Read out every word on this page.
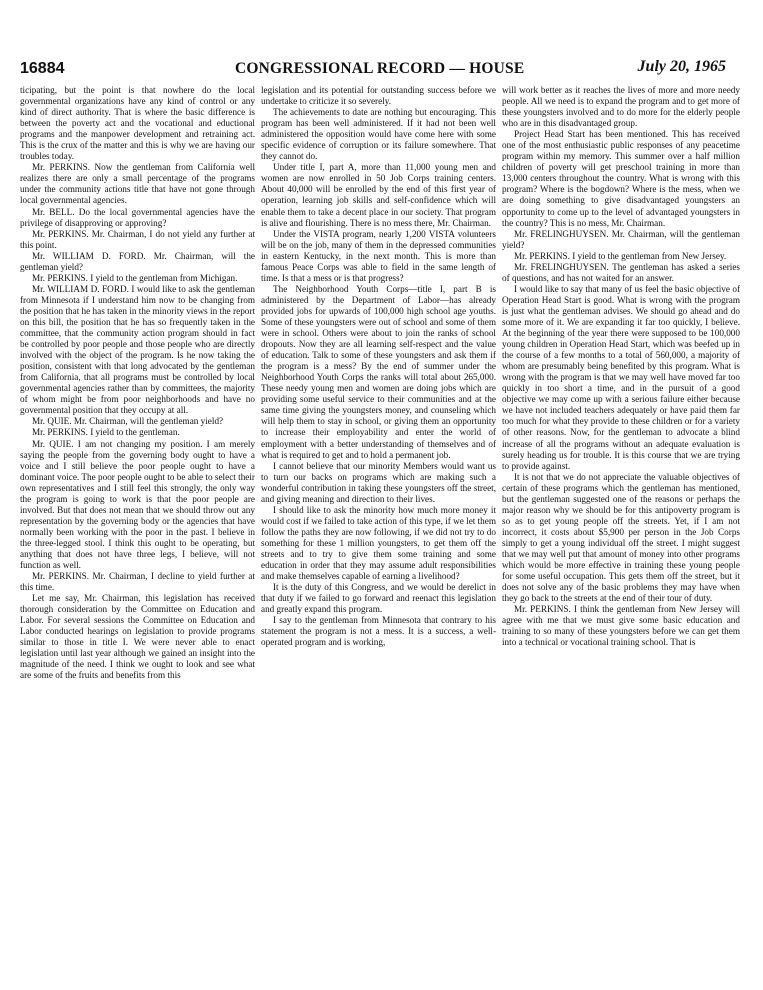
16884	CONGRESSIONAL RECORD — HOUSE	July 20, 1965

ticipating, but the point is that nowhere do the local governmental organizations have any kind of control or any kind of direct authority. That is where the basic difference is between the poverty act and the vocational and eductional programs and the manpower development and retraining act. This is the crux of the matter and this is why we are having our troubles today.

Mr. PERKINS. Now the gentleman from California well realizes there are only a small percentage of the programs under the community actions title that have not gone through local governmental agencies.

Mr. BELL. Do the local governmental agencies have the privilege of disapproving or approving?

Mr. PERKINS. Mr. Chairman, I do not yield any further at this point.

Mr. WILLIAM D. FORD. Mr. Chairman, will the gentleman yield?

Mr. PERKINS. I yield to the gentleman from Michigan.

Mr. WILLIAM D. FORD. I would like to ask the gentleman from Minnesota if I understand him now to be changing from the position that he has taken in the minority views in the report on this bill, the position that he has so frequently taken in the committee, that the community action program should in fact be controlled by poor people and those people who are directly involved with the object of the program. Is he now taking the position, consistent with that long advocated by the gentleman from California, that all programs must be controlled by local governmental agencies rather than by committees, the majority of whom might be from poor neighborhoods and have no governmental position that they occupy at all.

Mr. QUIE. Mr. Chairman, will the gentleman yield?

Mr. PERKINS. I yield to the gentleman.

Mr. QUIE. I am not changing my position. I am merely saying the people from the governing body ought to have a voice and I still believe the poor people ought to have a dominant voice. The poor people ought to be able to select their own representatives and I still feel this strongly, the only way the program is going to work is that the poor people are involved. But that does not mean that we should throw out any representation by the governing body or the agencies that have normally been working with the poor in the past. I believe in the three-legged stool. I think this ought to be operating, but anything that does not have three legs, I believe, will not function as well.

Mr. PERKINS. Mr. Chairman, I decline to yield further at this time.

Let me say, Mr. Chairman, this legislation has received thorough consideration by the Committee on Education and Labor. For several sessions the Committee on Education and Labor conducted hearings on legislation to provide programs similar to those in title I. We were never able to enact legislation until last year although we gained an insight into the magnitude of the need. I think we ought to look and see what are some of the fruits and benefits from this

legislation and its potential for outstanding success before we undertake to criticize it so severely.

The achievements to date are nothing but encouraging. This program has been well administered. If it had not been well administered the opposition would have come here with some specific evidence of corruption or its failure somewhere. That they cannot do.

Under title I, part A, more than 11,000 young men and women are now enrolled in 50 Job Corps training centers. About 40,000 will be enrolled by the end of this first year of operation, learning job skills and self-confidence which will enable them to take a decent place in our society. That program is alive and flourishing. There is no mess there, Mr. Chairman.

Under the VISTA program, nearly 1,200 VISTA volunteers will be on the job, many of them in the depressed communities in eastern Kentucky, in the next month. This is more than famous Peace Corps was able to field in the same length of time. Is that a mess or is that progress?

The Neighborhood Youth Corps—title I, part B is administered by the Department of Labor—has already provided jobs for upwards of 100,000 high school age youths. Some of these youngsters were out of school and some of them were in school. Others were about to join the ranks of school dropouts. Now they are all learning self-respect and the value of education. Talk to some of these youngsters and ask them if the program is a mess? By the end of summer under the Neighborhood Youth Corps the ranks will total about 265,000. These needy young men and women are doing jobs which are providing some useful service to their communities and at the same time giving the youngsters money, and counseling which will help them to stay in school, or giving them an opportunity to increase their employability and enter the world of employment with a better understanding of themselves and of what is required to get and to hold a permanent job.

I cannot believe that our minority Members would want us to turn our backs on programs which are making such a wonderful contribution in taking these youngsters off the street, and giving meaning and direction to their lives.

I should like to ask the minority how much more money it would cost if we failed to take action of this type, if we let them follow the paths they are now following, if we did not try to do something for these 1 million youngsters, to get them off the streets and to try to give them some training and some education in order that they may assume adult responsibilities and make themselves capable of earning a livelihood?

It is the duty of this Congress, and we would be derelict in that duty if we failed to go forward and reenact this legislation and greatly expand this program.

I say to the gentleman from Minnesota that contrary to his statement the program is not a mess. It is a success, a well-operated program and is working,

will work better as it reaches the lives of more and more needy people. All we need is to expand the program and to get more of these youngsters involved and to do more for the elderly people who are in this disadvantaged group.

Project Head Start has been mentioned. This has received one of the most enthusiastic public responses of any peacetime program within my memory. This summer over a half million children of poverty will get preschool training in more than 13,000 centers throughout the country. What is wrong with this program? Where is the bogdown? Where is the mess, when we are doing something to give disadvantaged youngsters an opportunity to come up to the level of advantaged youngsters in the country? This is no mess, Mr. Chairman.

Mr. FRELINGHUYSEN. Mr. Chairman, will the gentleman yield?

Mr. PERKINS. I yield to the gentleman from New Jersey.

Mr. FRELINGHUYSEN. The gentleman has asked a series of questions, and has not waited for an answer.

I would like to say that many of us feel the basic objective of Operation Head Start is good. What is wrong with the program is just what the gentleman advises. We should go ahead and do some more of it. We are expanding it far too quickly, I believe. At the beginning of the year there were supposed to be 100,000 young children in Operation Head Start, which was beefed up in the course of a few months to a total of 560,000, a majority of whom are presumably being benefited by this program. What is wrong with the program is that we may well have moved far too quickly in too short a time, and in the pursuit of a good objective we may come up with a serious failure either because we have not included teachers adequately or have paid them far too much for what they provide to these children or for a variety of other reasons. Now, for the gentleman to advocate a blind increase of all the programs without an adequate evaluation is surely heading us for trouble. It is this course that we are trying to provide against.

It is not that we do not appreciate the valuable objectives of certain of these programs which the gentleman has mentioned, but the gentleman suggested one of the reasons or perhaps the major reason why we should be for this antipoverty program is so as to get young people off the streets. Yet, if I am not incorrect, it costs about $5,900 per person in the Job Corps simply to get a young individual off the street. I might suggest that we may well put that amount of money into other programs which would be more effective in training these young people for some useful occupation. This gets them off the street, but it does not solve any of the basic problems they may have when they go back to the streets at the end of their tour of duty.

Mr. PERKINS. I think the gentleman from New Jersey will agree with me that we must give some basic education and training to so many of these youngsters before we can get them into a technical or vocational training school. That is
